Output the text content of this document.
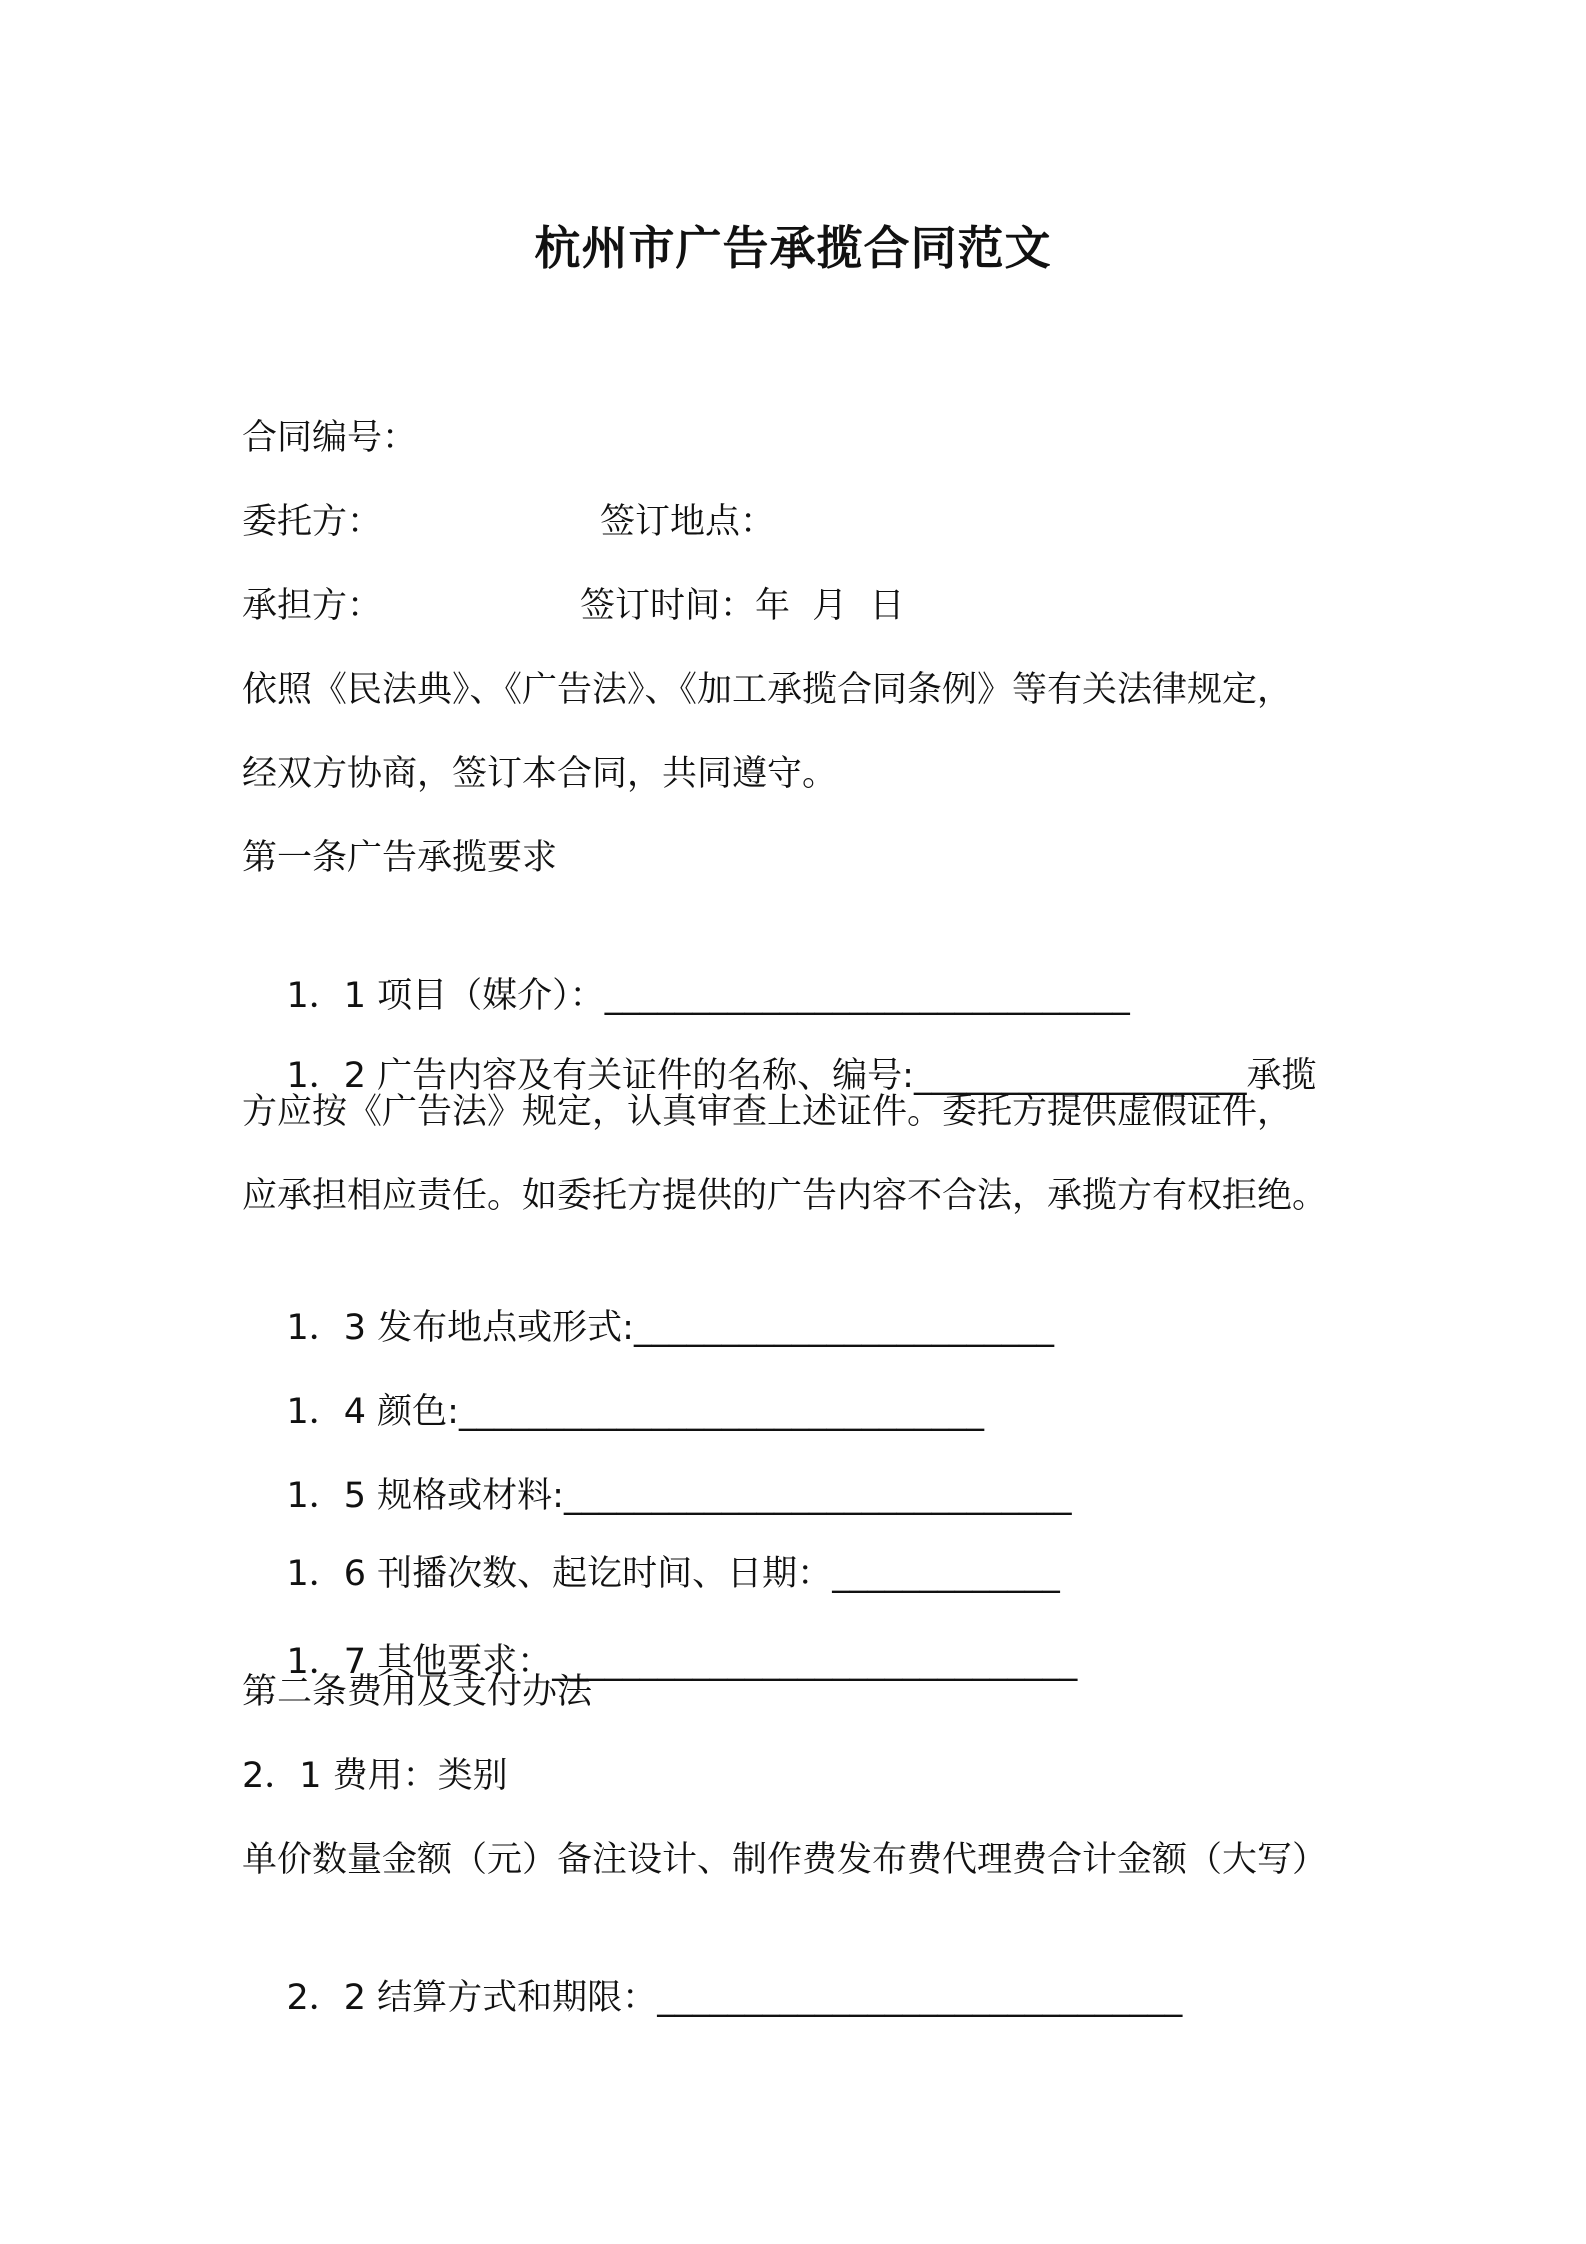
杭州市广告承揽合同范文
合同编号：
委托方：	签订地点：
承担方：	签订时间：年  月  日
依照《民法典》、《广告法》、《加工承揽合同条例》等有关法律规定，
经双方协商，签订本合同，共同遵守。
第一条广告承揽要求

1．1 项目（媒介）：______________________________

1．2 广告内容及有关证件的名称、编号:___________________承揽

方应按《广告法》规定，认真审查上述证件。委托方提供虚假证件，
应承担相应责任。如委托方提供的广告内容不合法，承揽方有权拒绝。

1．3 发布地点或形式:________________________

1．4 颜色:______________________________

1．5 规格或材料:_____________________________

1．6 刊播次数、起讫时间、日期：_____________

1．7 其他要求：______________________________

第二条费用及支付办法
2．1 费用：类别
单价数量金额（元）备注设计、制作费发布费代理费合计金额（大写）

2．2 结算方式和期限：______________________________
